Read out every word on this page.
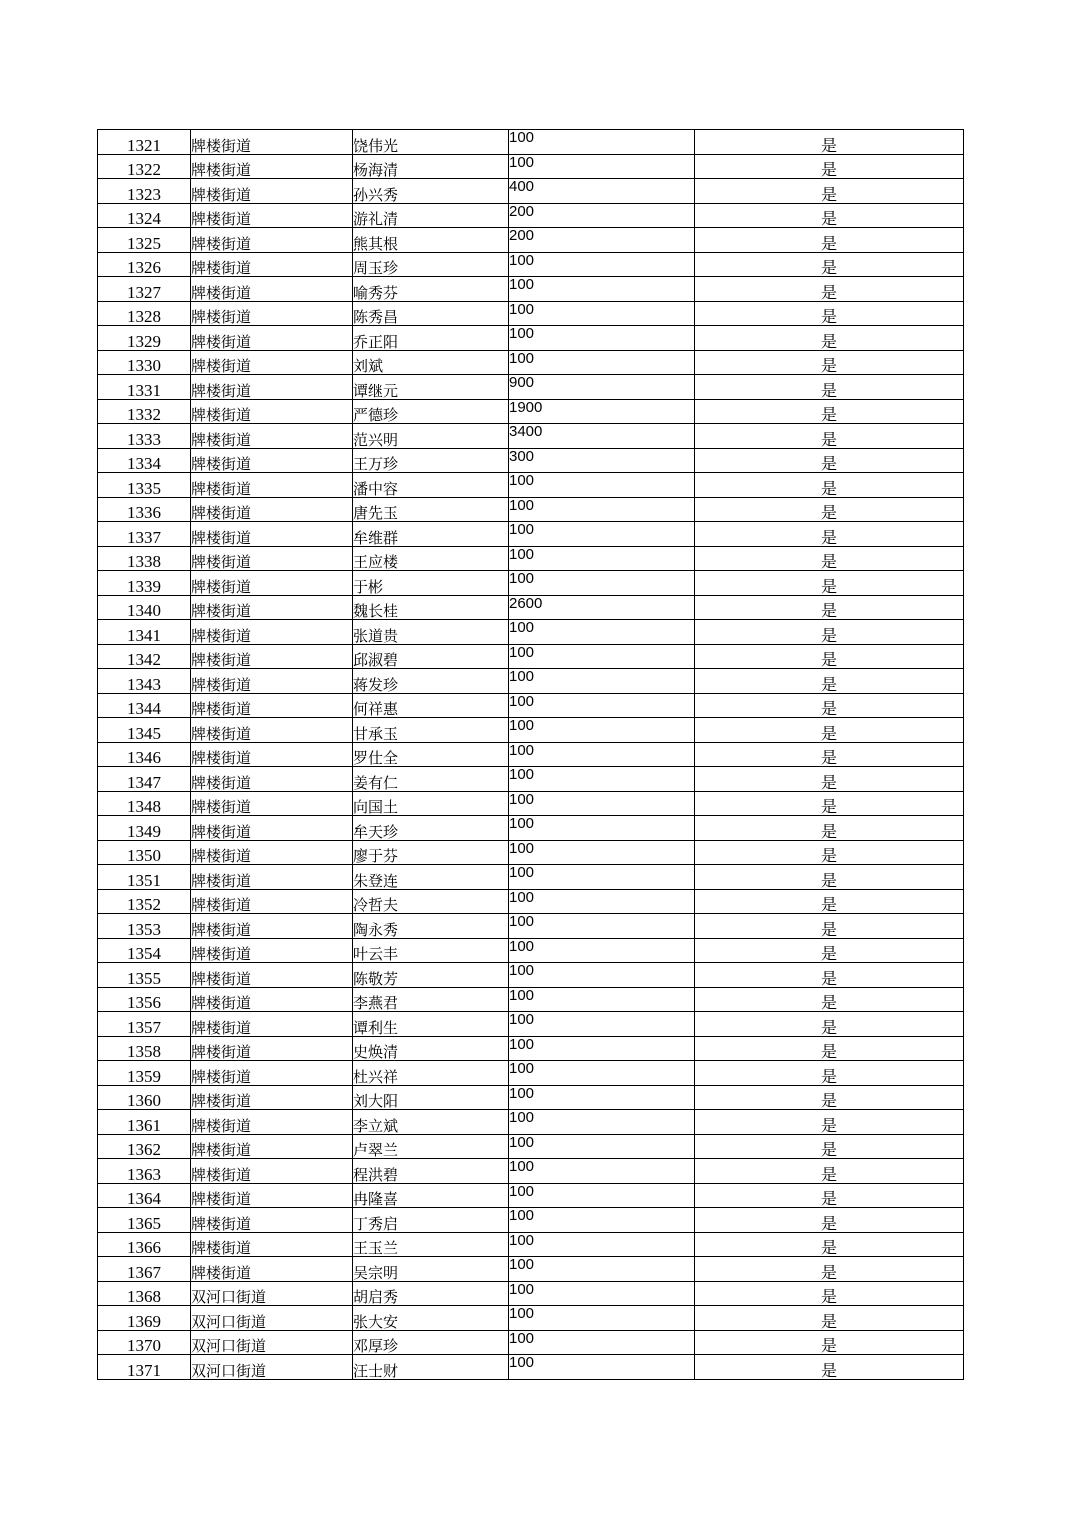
1321	牌楼街道	饶伟光	100	是
1322	牌楼街道	杨海清	100	是
1323	牌楼街道	孙兴秀	400	是
1324	牌楼街道	游礼清	200	是
1325	牌楼街道	熊其根	200	是
1326	牌楼街道	周玉珍	100	是
1327	牌楼街道	喻秀芬	100	是
1328	牌楼街道	陈秀昌	100	是
1329	牌楼街道	乔正阳	100	是
1330	牌楼街道	刘斌	100	是
1331	牌楼街道	谭继元	900	是
1332	牌楼街道	严德珍	1900	是
1333	牌楼街道	范兴明	3400	是
1334	牌楼街道	王万珍	300	是
1335	牌楼街道	潘中容	100	是
1336	牌楼街道	唐先玉	100	是
1337	牌楼街道	牟维群	100	是
1338	牌楼街道	王应楼	100	是
1339	牌楼街道	于彬	100	是
1340	牌楼街道	魏长桂	2600	是
1341	牌楼街道	张道贵	100	是
1342	牌楼街道	邱淑碧	100	是
1343	牌楼街道	蒋发珍	100	是
1344	牌楼街道	何祥惠	100	是
1345	牌楼街道	甘承玉	100	是
1346	牌楼街道	罗仕全	100	是
1347	牌楼街道	姜有仁	100	是
1348	牌楼街道	向国土	100	是
1349	牌楼街道	牟天珍	100	是
1350	牌楼街道	廖于芬	100	是
1351	牌楼街道	朱登连	100	是
1352	牌楼街道	冷哲夫	100	是
1353	牌楼街道	陶永秀	100	是
1354	牌楼街道	叶云丰	100	是
1355	牌楼街道	陈敬芳	100	是
1356	牌楼街道	李燕君	100	是
1357	牌楼街道	谭利生	100	是
1358	牌楼街道	史焕清	100	是
1359	牌楼街道	杜兴祥	100	是
1360	牌楼街道	刘大阳	100	是
1361	牌楼街道	李立斌	100	是
1362	牌楼街道	卢翠兰	100	是
1363	牌楼街道	程洪碧	100	是
1364	牌楼街道	冉隆喜	100	是
1365	牌楼街道	丁秀启	100	是
1366	牌楼街道	王玉兰	100	是
1367	牌楼街道	吴宗明	100	是
1368	双河口街道	胡启秀	100	是
1369	双河口街道	张大安	100	是
1370	双河口街道	邓厚珍	100	是
1371	双河口街道	汪士财	100	是
